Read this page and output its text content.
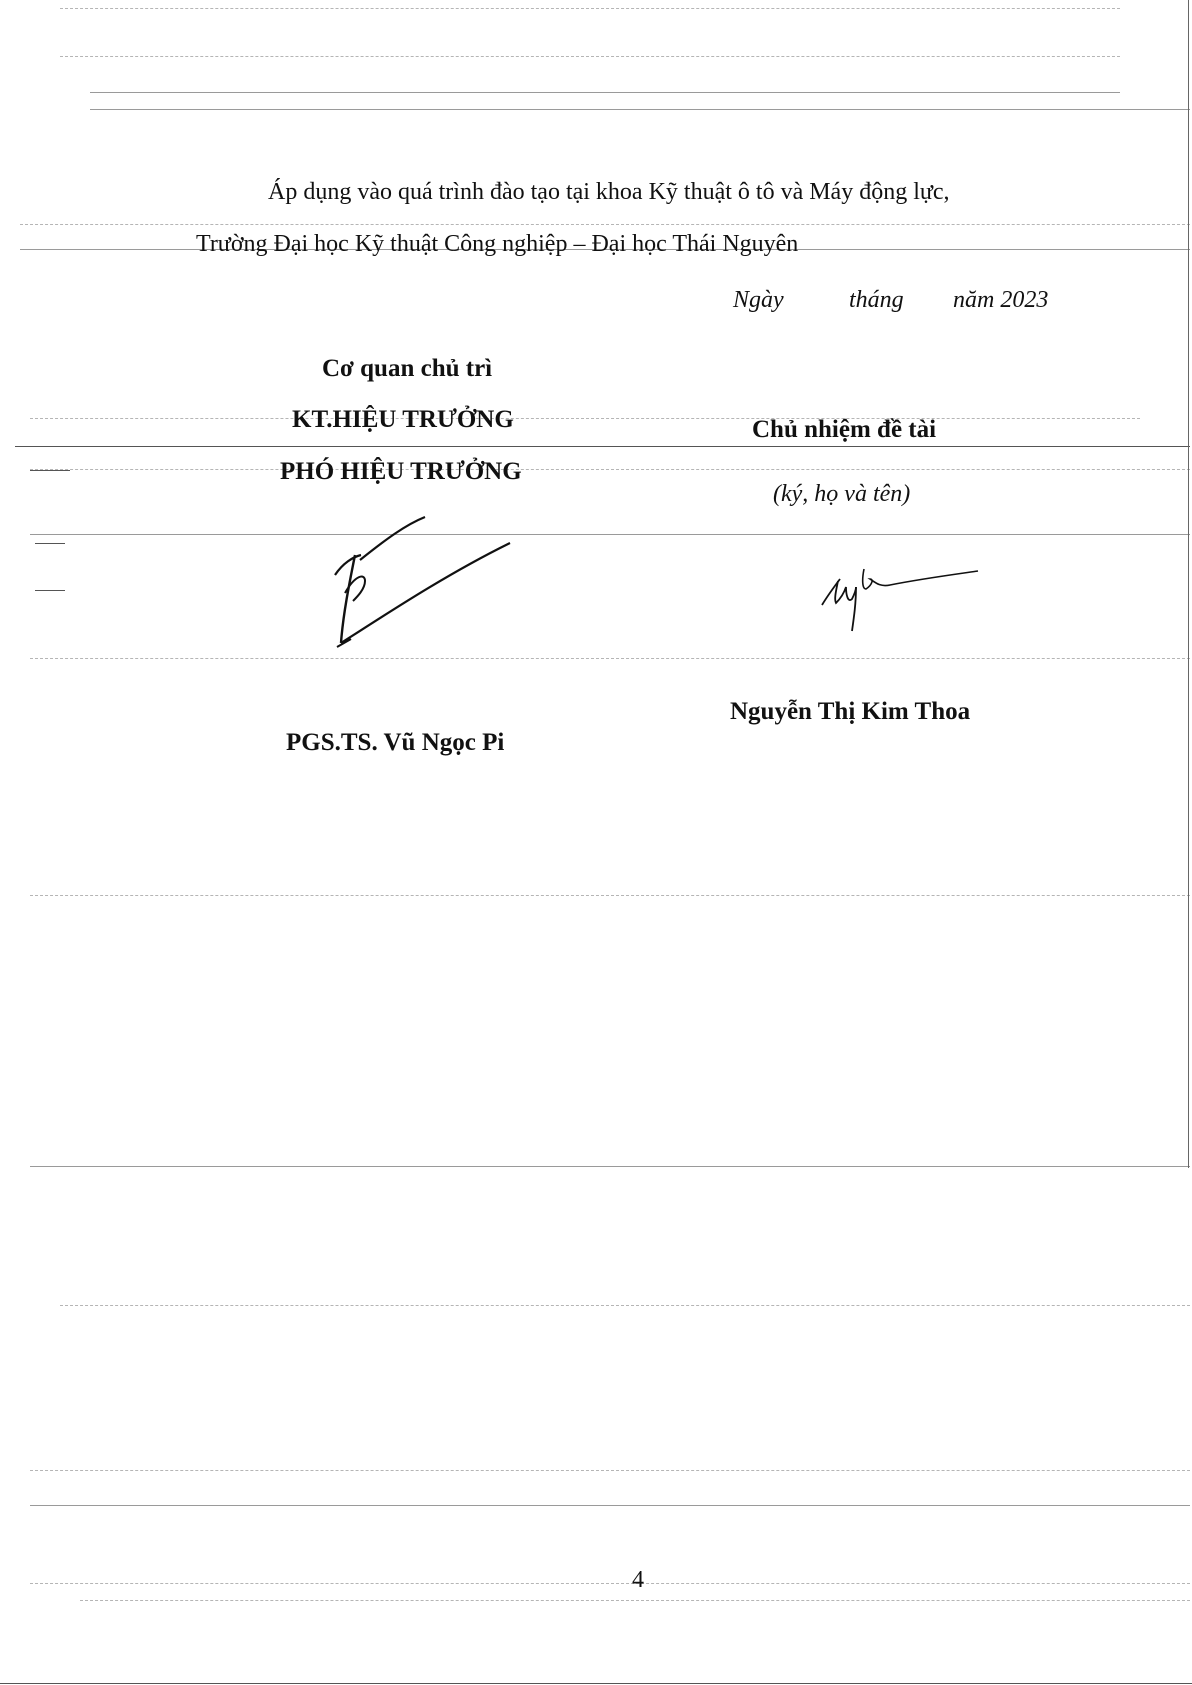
Áp dụng vào quá trình đào tạo tại khoa Kỹ thuật ô tô và Máy động lực,
Trường Đại học Kỹ thuật Công nghiệp – Đại học Thái Nguyên
Ngày	tháng năm 2023
Cơ quan chủ trì
KT.HIỆU TRƯỞNG
PHÓ HIỆU TRƯỞNG
PGS.TS. Vũ Ngọc Pi
Chủ nhiệm đề tài
(ký, họ và tên)
Nguyễn Thị Kim Thoa
4
